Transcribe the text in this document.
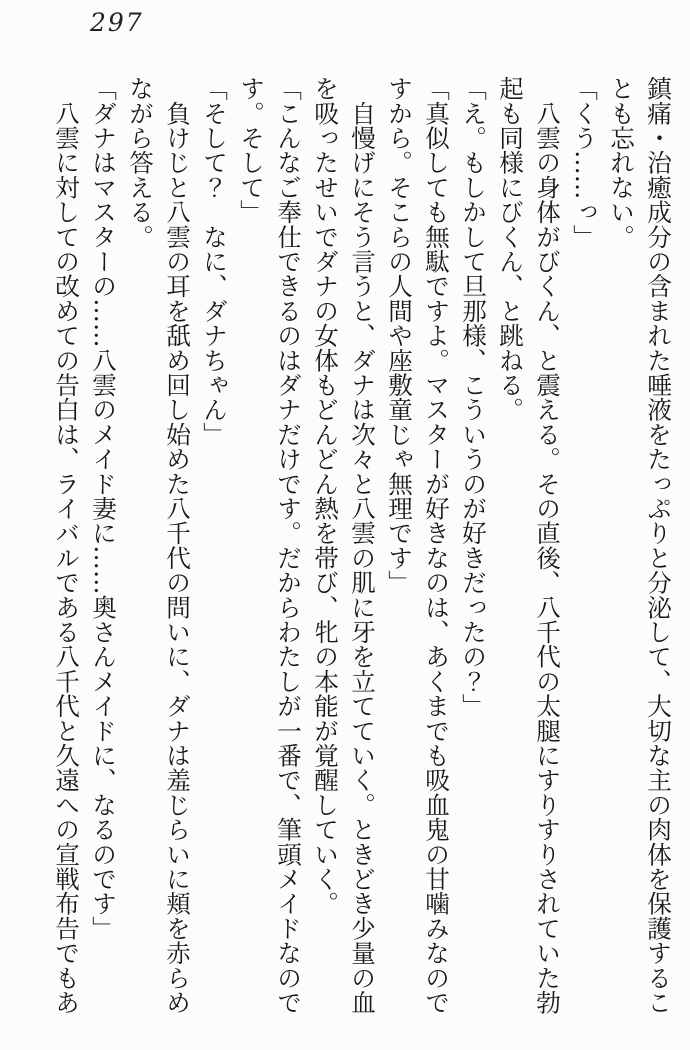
297
鎮痛・治癒成分の含まれた唾液をたっぷりと分泌して、大切な主の肉体を保護するこ
とも忘れない。
「くう……っ」
　八雲の身体がびくん、と震える。その直後、八千代の太腿にすりすりされていた勃
起も同様にびくん、と跳ねる。
「え。もしかして旦那様、こういうのが好きだったの？」
「真似しても無駄ですよ。マスターが好きなのは、あくまでも吸血鬼の甘噛みなので
すから。そこらの人間や座敷童じゃ無理です」
　自慢げにそう言うと、ダナは次々と八雲の肌に牙を立てていく。ときどき少量の血
を吸ったせいでダナの女体もどんどん熱を帯び、牝の本能が覚醒していく。
「こんなご奉仕できるのはダナだけです。だからわたしが一番で、筆頭メイドなので
す。そして」
「そして？　なに、ダナちゃん」
　負けじと八雲の耳を舐め回し始めた八千代の問いに、ダナは羞じらいに頬を赤らめ
ながら答える。
「ダナはマスターの……八雲のメイド妻に……奥さんメイドに、なるのです」
　八雲に対しての改めての告白は、ライバルである八千代と久遠への宣戦布告でもあ
